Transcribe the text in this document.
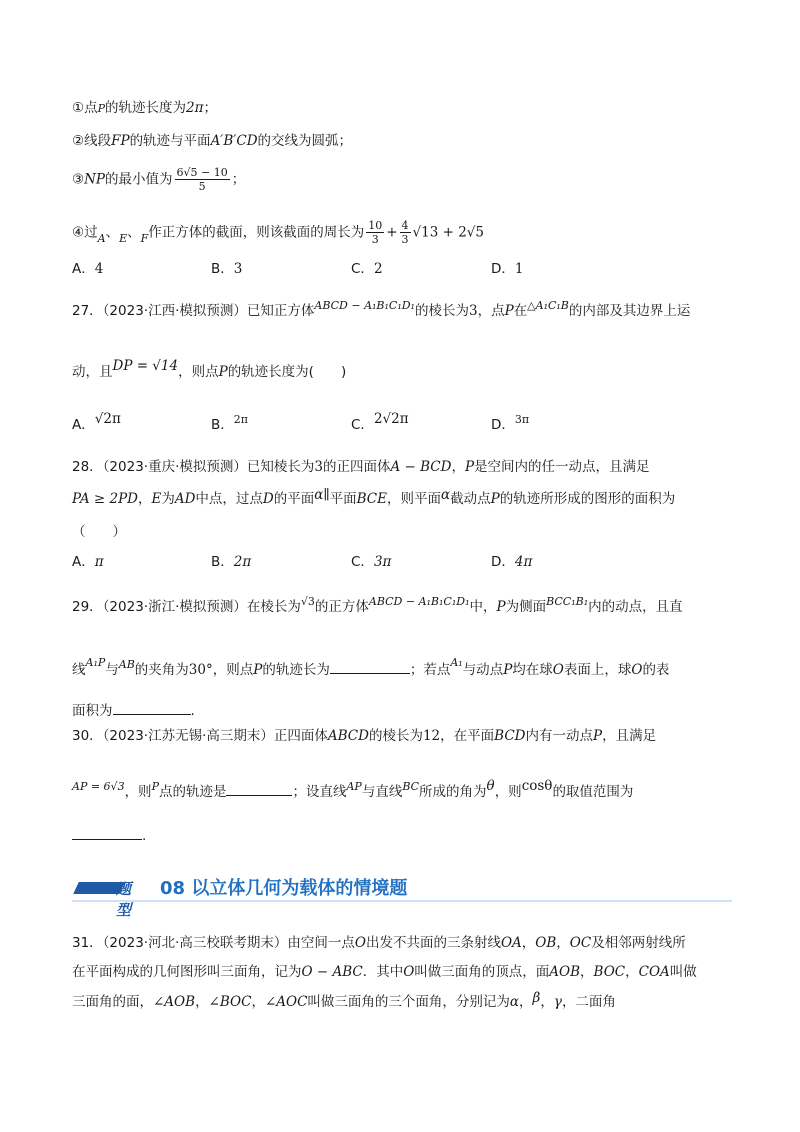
①点P的轨迹长度为2π；
②线段FP的轨迹与平面A′B′CD的交线为圆弧；
③NP的最小值为 $\frac{6√5 - 10}{5}$ ；
④过$_A$、$_E$、$_F$作正方体的截面，则该截面的周长为 $\frac{10}{3} + \frac{4}{3} √13 + 2√5$
A．4	B．3	C．2	D．1
27．（2023·江西·模拟预测）已知正方体$^{ABCD - A_1B_1C_1D_1}$的棱长为3，点P在$^{\triangle A_1C_1B}$的内部及其边界上运
动，且DP = √14，则点P的轨迹长度为(　　)
A．√2π	B．$^{2\pi}$	C．2√2π	D．$^{3\pi}$
28．（2023·重庆·模拟预测）已知棱长为3的正四面体A − BCD，P是空间内的任一动点，且满足
PA ≥ 2PD，E为AD中点，过点D的平面α∥平面BCE，则平面α截动点P的轨迹所形成的图形的面积为
（　　）
A．π	B．2π	C．3π	D．4π
29．（2023·浙江·模拟预测）在棱长为$^{√3}$的正方体$^{ABCD - A_1B_1C_1D_1}$中，P为侧面$^{BCC_1B_1}$内的动点，且直
线$^{A_1P}$与$^{AB}$的夹角为30°，则点P的轨迹长为	；若点$^{A_1}$与动点P均在球O表面上，球O的表
面积为	.
30．（2023·江苏无锡·高三期末）正四面体ABCD的棱长为12，在平面BCD内有一动点P，且满足
$^{AP = 6√3}$，则$^P$点的轨迹是	；设直线$^{AP}$与直线$^{BC}$所成的角为θ，则cosθ的取值范围为
.
题型
08 以立体几何为载体的情境题
31．（2023·河北·高三校联考期末）由空间一点O出发不共面的三条射线OA，OB，OC及相邻两射线所
在平面构成的几何图形叫三面角，记为O − ABC．其中O叫做三面角的顶点，面AOB，BOC，COA叫做
三面角的面，∠AOB，∠BOC，∠AOC叫做三面角的三个面角，分别记为α，β，γ，二面角
